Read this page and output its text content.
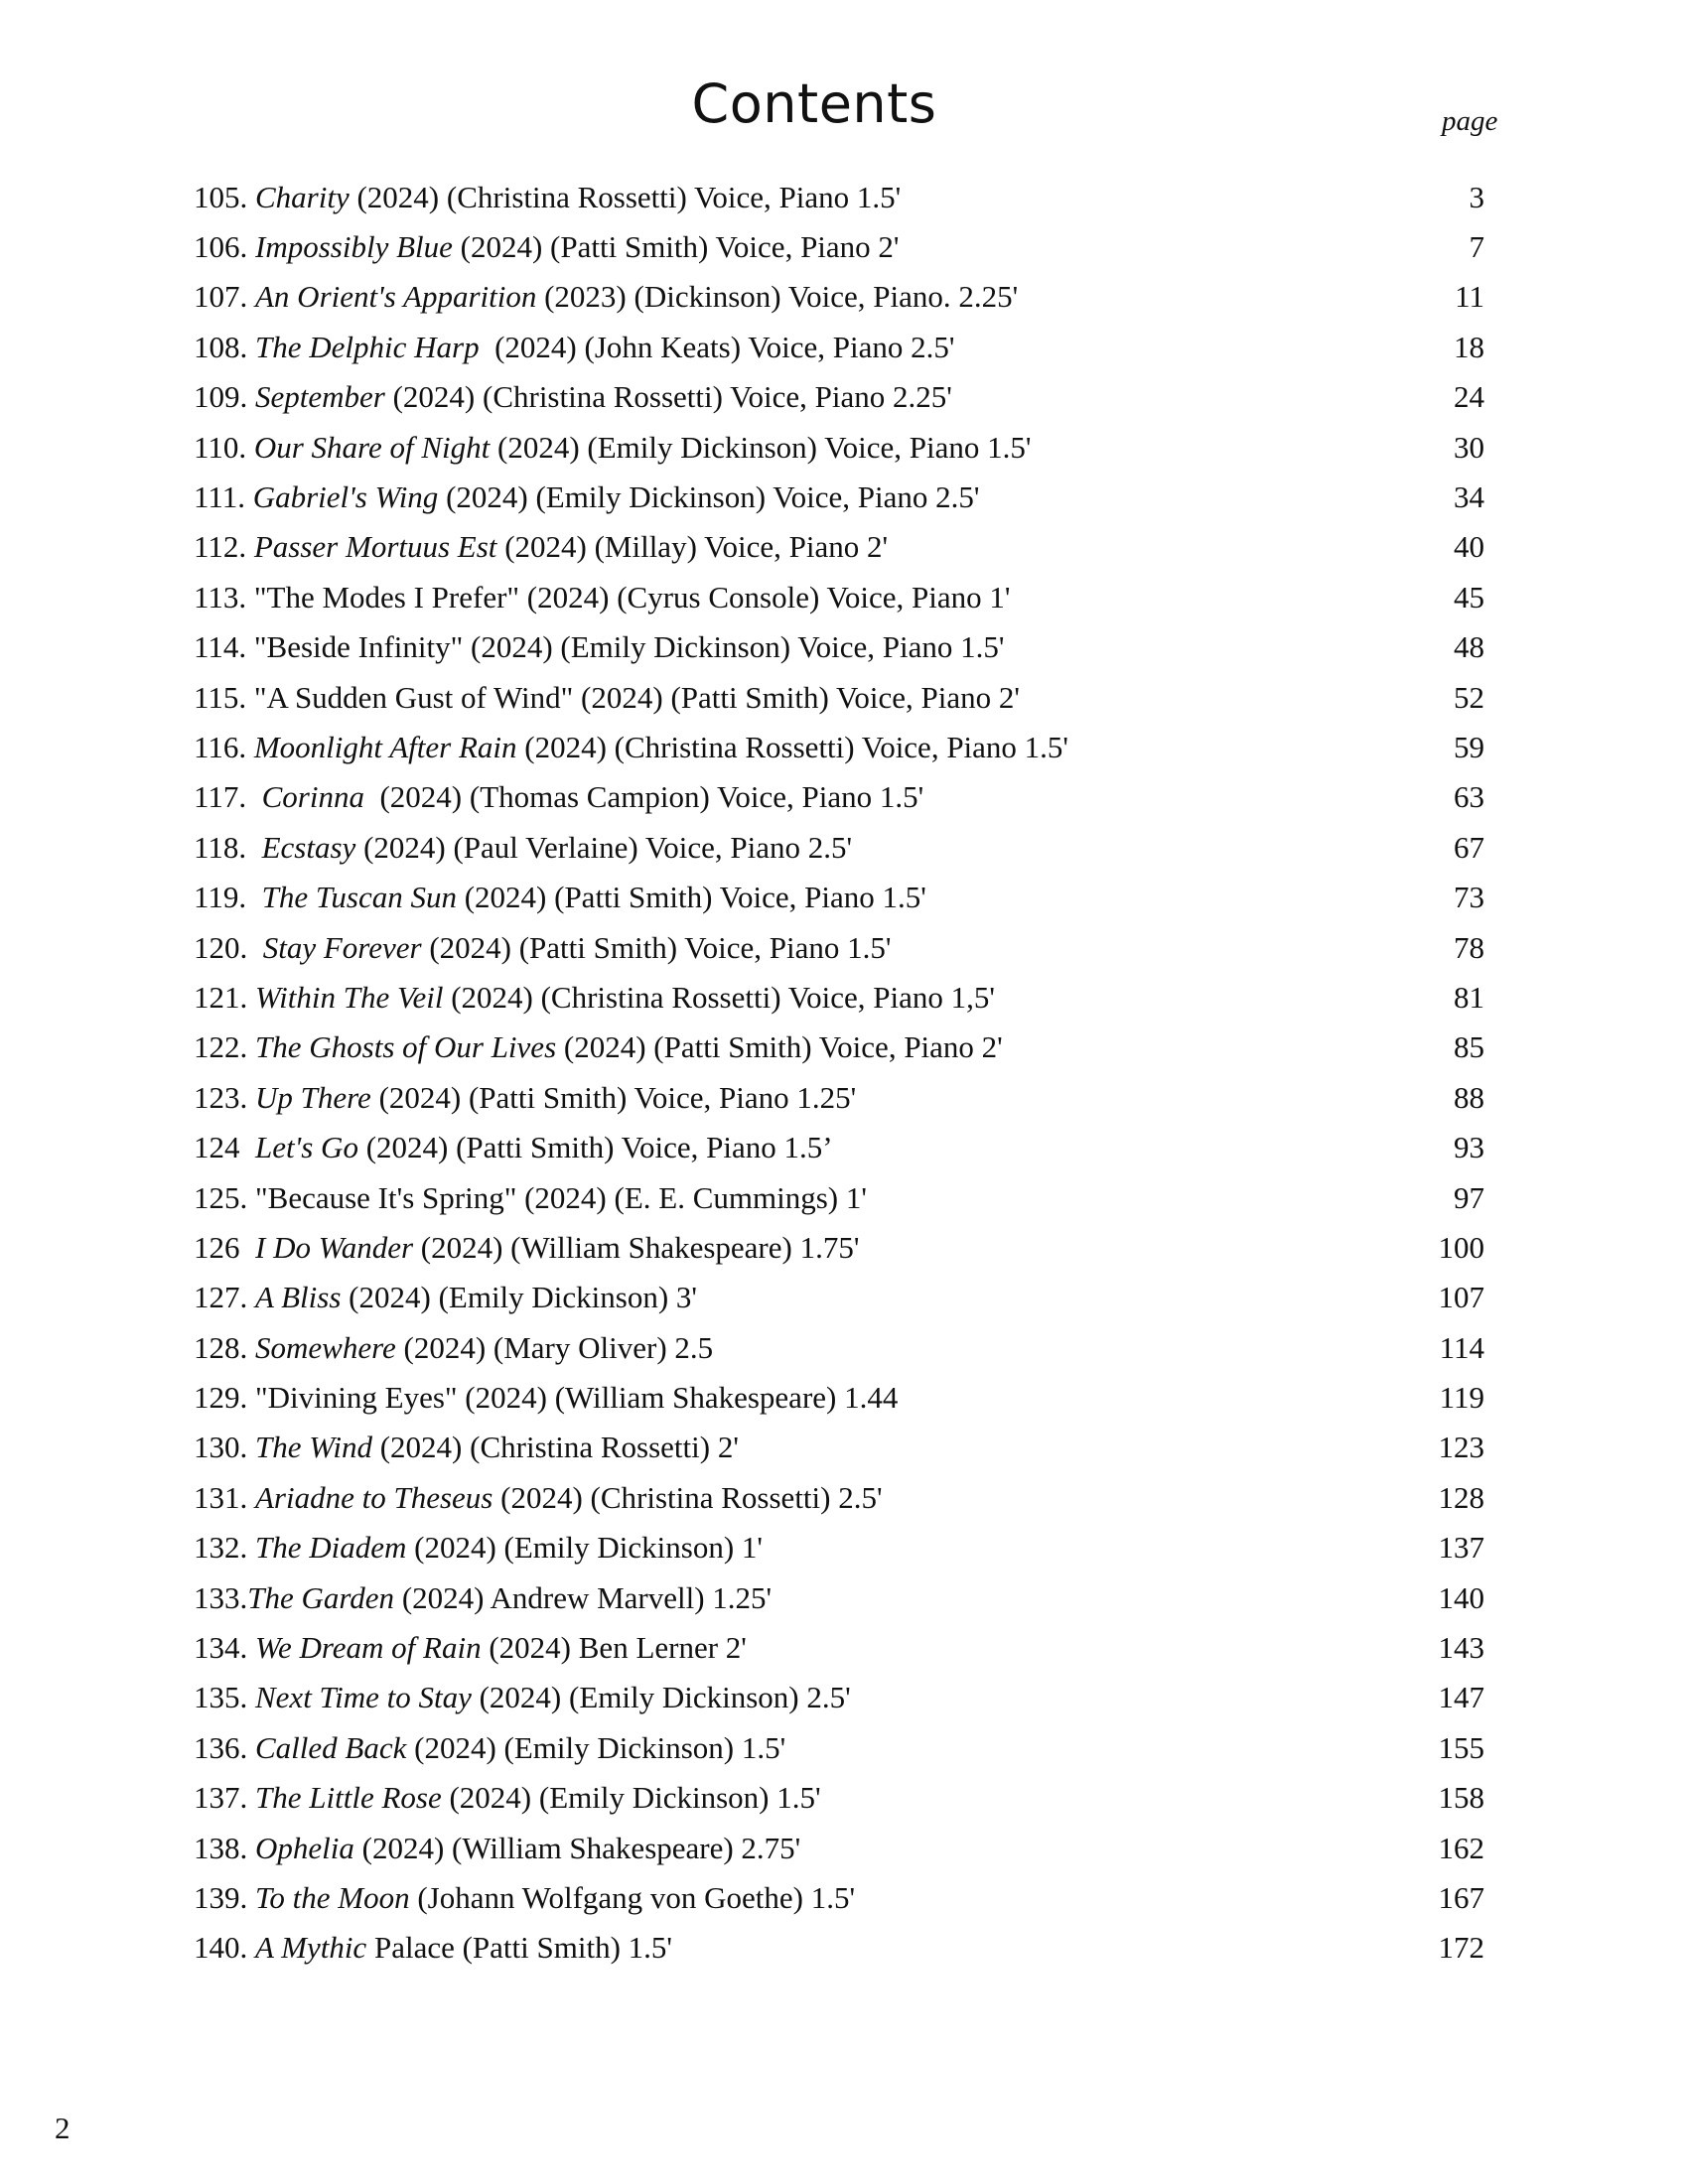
Contents	page
105. Charity (2024) (Christina Rossetti) Voice, Piano 1.5'	3
106. Impossibly Blue (2024) (Patti Smith) Voice, Piano 2'	7
107. An Orient's Apparition (2023) (Dickinson) Voice, Piano. 2.25'	11
108. The Delphic Harp  (2024) (John Keats) Voice, Piano 2.5'	18
109. September (2024) (Christina Rossetti) Voice, Piano 2.25'	24
110. Our Share of Night (2024) (Emily Dickinson) Voice, Piano 1.5'	30
111. Gabriel's Wing (2024) (Emily Dickinson) Voice, Piano 2.5'	34
112. Passer Mortuus Est (2024) (Millay) Voice, Piano 2'	40
113. "The Modes I Prefer" (2024) (Cyrus Console) Voice, Piano 1'	45
114. "Beside Infinity" (2024) (Emily Dickinson) Voice, Piano 1.5'	48
115. "A Sudden Gust of Wind" (2024) (Patti Smith) Voice, Piano 2'	52
116. Moonlight After Rain (2024) (Christina Rossetti) Voice, Piano 1.5'	59
117.  Corinna  (2024) (Thomas Campion) Voice, Piano 1.5'	63
118.  Ecstasy (2024) (Paul Verlaine) Voice, Piano 2.5'	67
119.  The Tuscan Sun (2024) (Patti Smith) Voice, Piano 1.5'	73
120.  Stay Forever (2024) (Patti Smith) Voice, Piano 1.5'	78
121. Within The Veil (2024) (Christina Rossetti) Voice, Piano 1,5'	81
122. The Ghosts of Our Lives (2024) (Patti Smith) Voice, Piano 2'	85
123. Up There (2024) (Patti Smith) Voice, Piano 1.25'	88
124  Let's Go (2024) (Patti Smith) Voice, Piano 1.5’	93
125. "Because It's Spring" (2024) (E. E. Cummings) 1'	97
126  I Do Wander (2024) (William Shakespeare) 1.75'	100
127. A Bliss (2024) (Emily Dickinson) 3'	107
128. Somewhere (2024) (Mary Oliver) 2.5	114
129. "Divining Eyes" (2024) (William Shakespeare) 1.44	119
130. The Wind (2024) (Christina Rossetti) 2'	123
131. Ariadne to Theseus (2024) (Christina Rossetti) 2.5'	128
132. The Diadem (2024) (Emily Dickinson) 1'	137
133.The Garden (2024) Andrew Marvell) 1.25'	140
134. We Dream of Rain (2024) Ben Lerner 2'	143
135. Next Time to Stay (2024) (Emily Dickinson) 2.5'	147
136. Called Back (2024) (Emily Dickinson) 1.5'	155
137. The Little Rose (2024) (Emily Dickinson) 1.5'	158
138. Ophelia (2024) (William Shakespeare) 2.75'	162
139. To the Moon (Johann Wolfgang von Goethe) 1.5'	167
140. A Mythic Palace (Patti Smith) 1.5'	172
2
